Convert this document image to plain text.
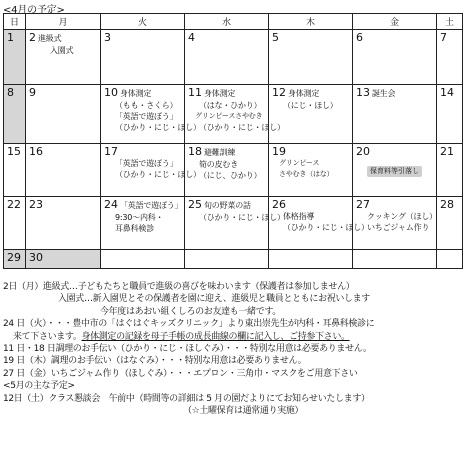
<4月の予定>
日	月	火	水	木	金	土

1	2 進級式
入園式	3	4	5	6	7

8	9	10 身体測定
（もも・さくら）
「英語で遊ぼう」
（ひかり・にじ・ほし）	11 身体測定
（はな・ひかり）
グリンピースさやむき
（ひかり・にじ・ほし）	12 身体測定
（にじ・ほし）	13 誕生会	14

15	16	17
「英語で遊ぼう」
（ひかり・にじ・ほし）	18 避難訓練
筍の皮むき
（にじ、ひかり）	19
グリンピース
さやむき（はな）	20
保育料等引落し	21

22	23	24 「英語で遊ぼう」
9:30～内科・
耳鼻科検診	25 旬の野菜の話
（ひかり・にじ・ほし）	26
体格指導
（ひかり・にじ・ほし）	27
クッキング（ほし）
いちごジャム作り	28

29	30					

2日（月）進級式…子どもたちと職員で進級の喜びを味わいます（保護者は参加しません）
入園式…新入園児とその保護者を園に迎え、進級児と職員とともにお祝いします
今年度はあおい組くしろのお友達も一緒です。
24 日（火）・・・豊中市の「はぐはぐキッズクリニック」より東出崇先生が内科・耳鼻科検診に
来て下さいます。身体測定の記録を母子手帳の成長曲線の欄に記入し、ご持参下さい。
11 日・18 日調理のお手伝い（ひかり・にじ・ほしぐみ）・・・特別な用意は必要ありません。
19 日（木）調理のお手伝い（はなぐみ）・・・特別な用意は必要ありません。
27 日（金）いちごジャム作り（ほしぐみ）・・・エプロン・三角巾・マスクをご用意下さい
<5月の主な予定>
12日（土）クラス懇談会　午前中（時間等の詳細は 5 月の園だよりにてお知らせいたします）
（☆土曜保育は通常通り実施）
